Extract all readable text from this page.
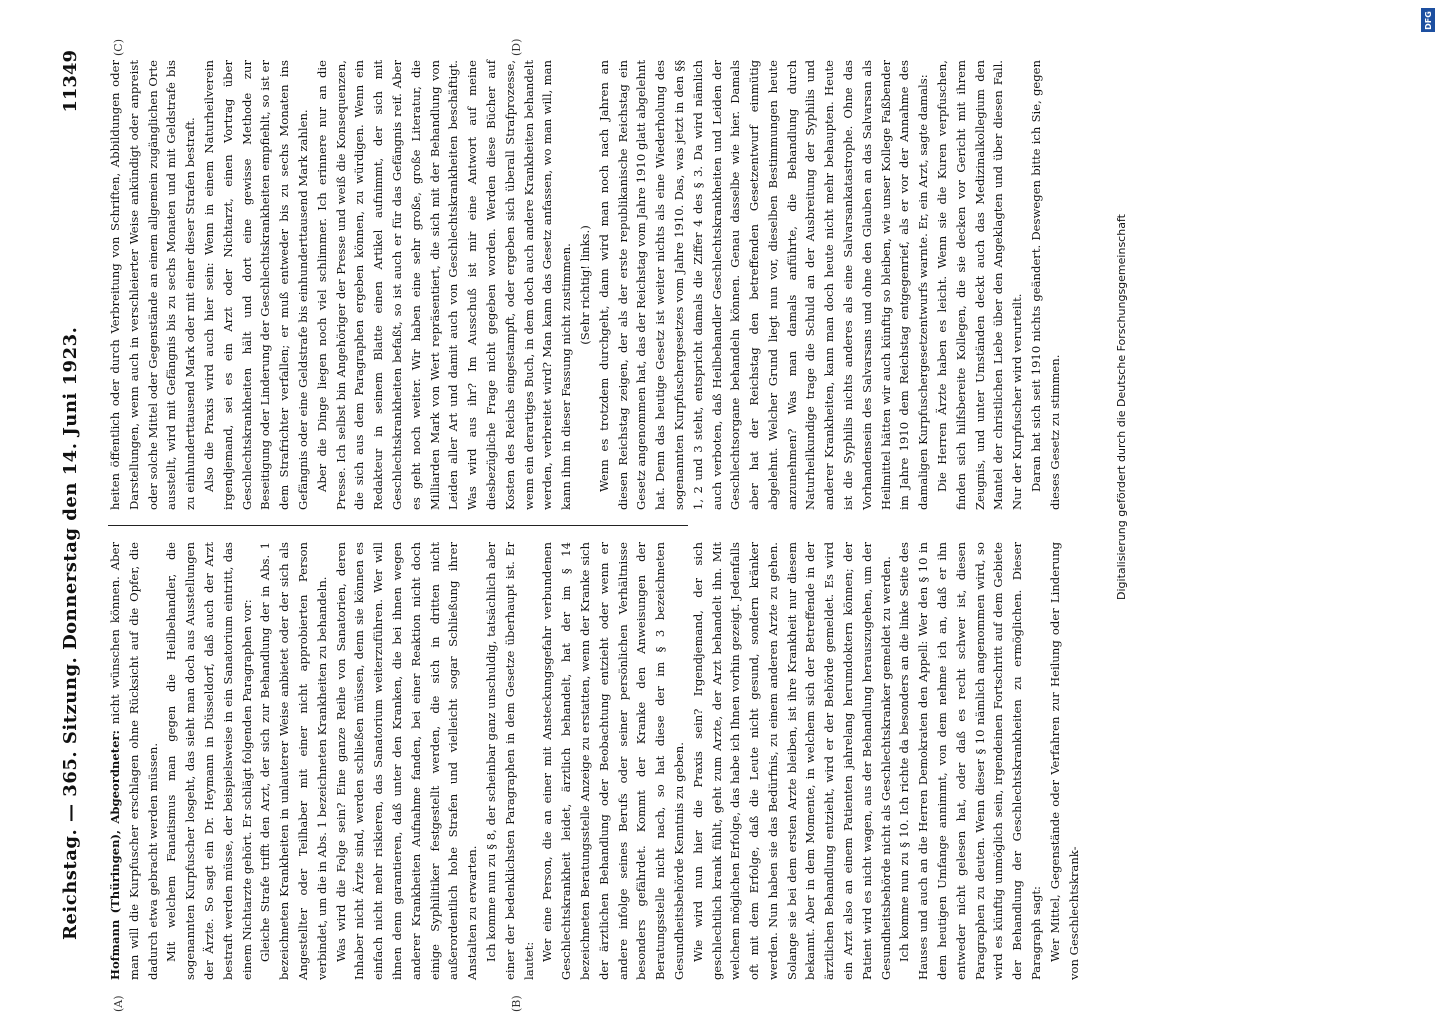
Reichstag. — 365. Sitzung. Donnerstag den 14. Juni 1923.
11349

Hofmann (Thüringen), Abgeordneter: nicht wünschen können. Aber man will die Kurpfuscher erschlagen ohne Rücksicht auf die Opfer, die dadurch etwa gebracht werden müssen. Mit welchem Fanatismus man gegen die Heilbehandler, die sogenannten Kurpfuscher losgeht, das sieht man doch aus Ausstellungen der Ärzte. So sagt ein Dr. Heymann in Düsseldorf, daß auch der Arzt bestraft werden müsse, der beispielsweise in ein Sanatorium eintritt, das einem Nichtarzte gehört. Er schlägt folgenden Paragraphen vor: Gleiche Strafe trifft den Arzt, der sich zur Behandlung der in Abs. 1 bezeichneten Krankheiten in unlauterer Weise anbietet oder der sich als Angestellter oder Teilhaber mit einer nicht approbierten Person verbindet, um die in Abs. 1 bezeichneten Krankheiten zu behandeln. Was wird die Folge sein? Eine ganze Reihe von Sanatorien, deren Inhaber nicht Ärzte sind, werden schließen müssen, denn sie können es einfach nicht mehr riskieren, das Sanatorium weiterzuführen. Wer will ihnen denn garantieren, daß unter den Kranken, die bei ihnen wegen anderer Krankheiten Aufnahme fanden, bei einer Reaktion nicht doch einige Syphilitiker festgestellt werden, die sich in dritten nicht außerordentlich hohe Strafen und vielleicht sogar Schließung ihrer Anstalten zu erwarten. Ich komme nun zu § 8, der scheinbar ganz unschuldig, tatsächlich aber einer der bedenklichsten Paragraphen in dem Gesetze überhaupt ist. Er lautet: Wer eine Person, die an einer mit Ansteckungsgefahr verbundenen Geschlechtskrankheit leidet, ärztlich behandelt, hat der im § 14 bezeichneten Beratungsstelle Anzeige zu erstatten, wenn der Kranke sich der ärztlichen Behandlung oder Beobachtung entzieht oder wenn er andere infolge seines Berufs oder seiner persönlichen Verhältnisse besonders gefährdet. Kommt der Kranke den Anweisungen der Beratungsstelle nicht nach, so hat diese der im § 3 bezeichneten Gesundheitsbehörde Kenntnis zu geben. Wie wird nun hier die Praxis sein? Irgendjemand, der sich geschlechtlich krank fühlt, geht zum Arzte, der Arzt behandelt ihn. Mit welchem möglichen Erfolge, das habe ich Ihnen vorhin gezeigt. Jedenfalls oft mit dem Erfolge, daß die Leute nicht gesund, sondern kränker werden. Nun haben sie das Bedürfnis, zu einem anderen Arzte zu gehen. Solange sie bei dem ersten Arzte bleiben, ist ihre Krankheit nur diesem bekannt. Aber in dem Momente, in welchem sich der Betreffende in der ärztlichen Behandlung entzieht, wird er der Behörde gemeldet. Es wird ein Arzt also an einem Patienten jahrelang herumdoktern können; der Patient wird es nicht wagen, aus der Behandlung herauszugehen, um der Gesundheitsbehörde nicht als Geschlechtskranker gemeldet zu werden. Ich komme nun zu § 10. Ich richte da besonders an die linke Seite des Hauses und auch an die Herren Demokraten den Appell: Wer den § 10 in dem heutigen Umfange annimmt, von dem nehme ich an, daß er ihn entweder nicht gelesen hat, oder daß es recht schwer ist, diesen Paragraphen zu deuten. Wenn dieser § 10 nämlich angenommen wird, so wird es künftig unmöglich sein, irgendeinen Fortschritt auf dem Gebiete der Behandlung der Geschlechtskrankheiten zu ermöglichen. Dieser Paragraph sagt: Wer Mittel, Gegenstände oder Verfahren zur Heilung oder Linderung von Geschlechtskrank-

heiten öffentlich oder durch Verbreitung von Schriften, Abbildungen oder Darstellungen, wenn auch in verschleierter Weise ankündigt oder anpreist oder solche Mittel oder Gegenstände an einem allgemein zugänglichen Orte ausstellt, wird mit Gefängnis bis zu sechs Monaten und mit Geldstrafe bis zu einhunderttausend Mark oder mit einer dieser Strafen bestraft. Also die Praxis wird auch hier sein: Wenn in einem Naturheilverein irgendjemand, sei es ein Arzt oder Nichtarzt, einen Vortrag über Geschlechtskrankheiten hält und dort eine gewisse Methode zur Beseitigung oder Linderung der Geschlechtskrankheiten empfiehlt, so ist er dem Strafrichter verfallen; er muß entweder bis zu sechs Monaten ins Gefängnis oder eine Geldstrafe bis einhunderttausend Mark zahlen. Aber die Dinge liegen noch viel schlimmer. Ich erinnere nur an die Presse. Ich selbst bin Angehöriger der Presse und weiß die Konsequenzen, die sich aus dem Paragraphen ergeben können, zu würdigen. Wenn ein Redakteur in seinem Blatte einen Artikel aufnimmt, der sich mit Geschlechtskrankheiten befaßt, so ist auch er für das Gefängnis reif. Aber es geht noch weiter. Wir haben eine sehr große, große Literatur, die Milliarden Mark von Wert repräsentiert, die sich mit der Behandlung von Leiden aller Art und damit auch von Geschlechtskrankheiten beschäftigt. Was wird aus ihr? Im Ausschuß ist mir eine Antwort auf meine diesbezügliche Frage nicht gegeben worden. Werden diese Bücher auf Kosten des Reichs eingestampft, oder ergeben sich überall Strafprozesse, wenn ein derartiges Buch, in dem doch auch andere Krankheiten behandelt werden, verbreitet wird? Man kann das Gesetz anfassen, wo man will, man kann ihm in dieser Fassung nicht zustimmen. (Sehr richtig! links.) Wenn es trotzdem durchgeht, dann wird man noch nach Jahren an diesen Reichstag zeigen, der als der erste republikanische Reichstag ein Gesetz angenommen hat, das der Reichstag vom Jahre 1910 glatt abgelehnt hat. Denn das heutige Gesetz ist weiter nichts als eine Wiederholung des sogenannten Kurpfuschergesetzes vom Jahre 1910. Das, was jetzt in den §§ 1, 2 und 3 steht, entspricht damals die Ziffer 4 des § 3. Da wird nämlich auch verboten, daß Heilbehandler Geschlechtskrankheiten und Leiden der Geschlechtsorgane behandeln können. Genau dasselbe wie hier. Damals aber hat der Reichstag den betreffenden Gesetzentwurf einmütig abgelehnt. Welcher Grund liegt nun vor, dieselben Bestimmungen heute anzunehmen? Was man damals anführte, die Behandlung durch Naturheilkundige trage die Schuld an der Ausbreitung der Syphilis und anderer Krankheiten, kann man doch heute nicht mehr behaupten. Heute ist die Syphilis nichts anderes als eine Salvarsankatastrophe. Ohne das Vorhandensein des Salvarsans und ohne den Glauben an das Salvarsan als Heilmittel hätten wir auch künftig so bleiben, wie unser Kollege Faßbender im Jahre 1910 dem Reichstag entgegenrief, als er vor der Annahme des damaligen Kurpfuschergesetzentwurfs warnte. Er, ein Arzt, sagte damals: Die Herren Ärzte haben es leicht. Wenn sie die Kuren verpfuschen, finden sich hilfsbereite Kollegen, die sie decken vor Gericht mit ihrem Zeugnis, und unter Umständen deckt auch das Medizinalkollegium den Mantel der christlichen Liebe über den Angeklagten und über diesen Fall. Nur der Kurpfuscher wird verurteilt. Daran hat sich seit 1910 nichts geändert. Deswegen bitte ich Sie, gegen dieses Gesetz zu stimmen.

(A)	(B)
(C)	(D)
Digitalisierung gefördert durch die Deutsche Forschungsgemeinschaft
DFG
